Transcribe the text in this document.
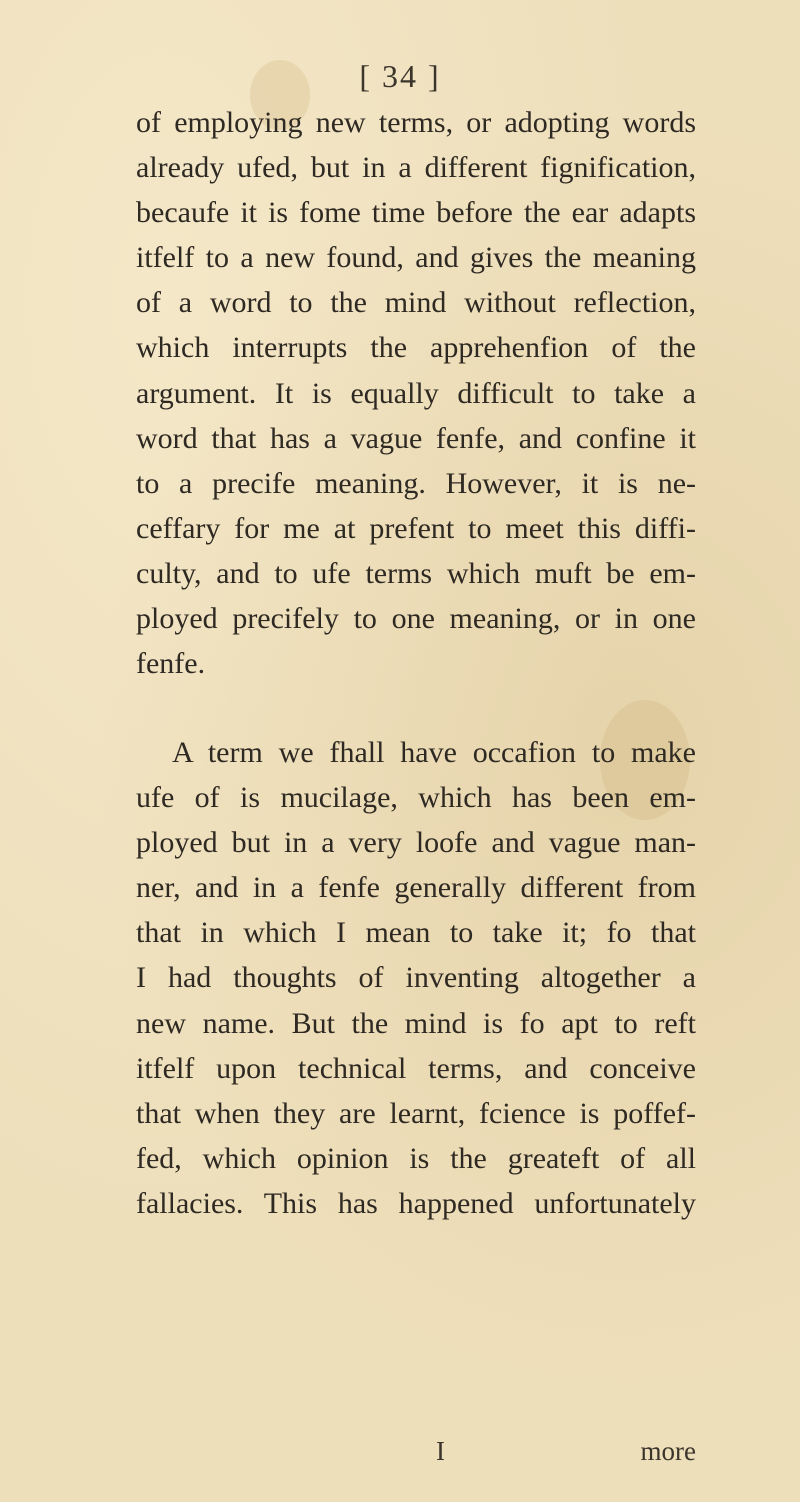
[ 34 ]
of employing new terms, or adopting words
already ufed, but in a different fignification,
becaufe it is fome time before the ear adapts
itfelf to a new found, and gives the meaning
of a word to the mind without reflection,
which interrupts the apprehenfion of the
argument. It is equally difficult to take a
word that has a vague fenfe, and confine it
to a precife meaning. However, it is ne-
ceffary for me at prefent to meet this diffi-
culty, and to ufe terms which muft be em-
ployed precifely to one meaning, or in one
fenfe.
A term we fhall have occafion to make
ufe of is mucilage, which has been em-
ployed but in a very loofe and vague man-
ner, and in a fenfe generally different from
that in which I mean to take it; fo that
I had thoughts of inventing altogether a
new name. But the mind is fo apt to reft
itfelf upon technical terms, and conceive
that when they are learnt, fcience is poffef-
fed, which opinion is the greateft of all
fallacies. This has happened unfortunately
I	more
